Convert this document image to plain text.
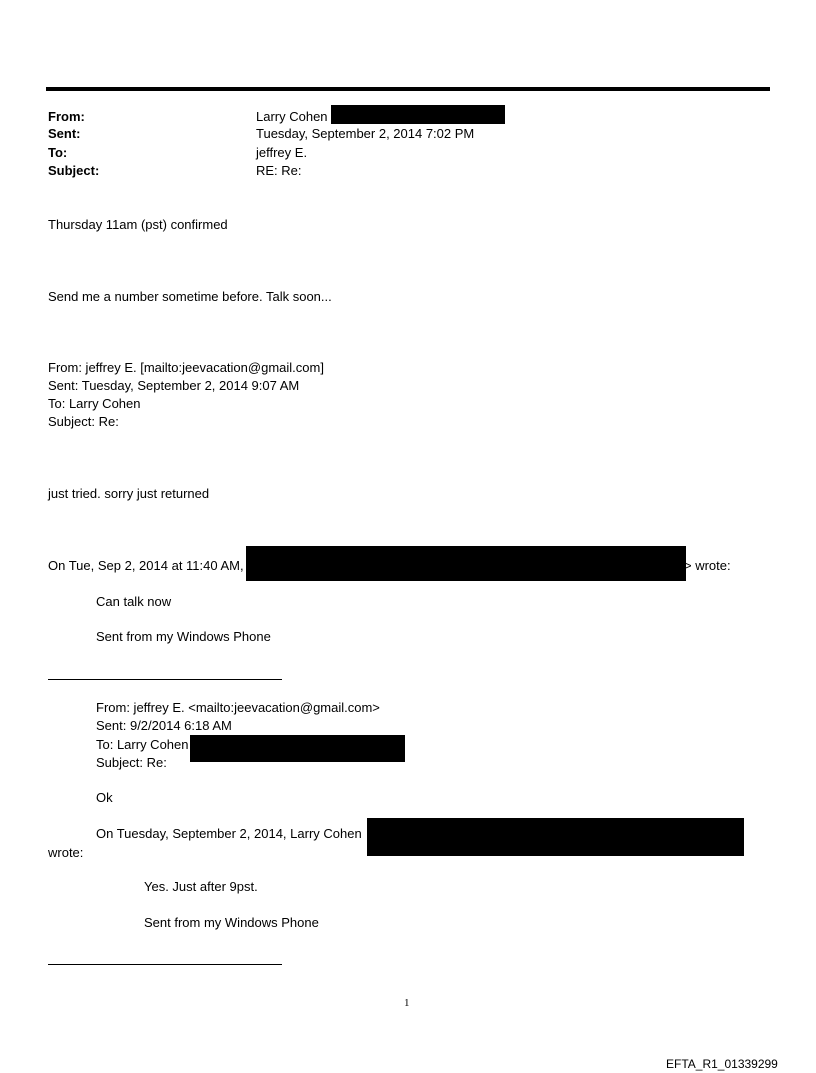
From:	Larry Cohen
Sent:	Tuesday, September 2, 2014 7:02 PM
To:	jeffrey E.
Subject:	RE: Re:
Thursday 11am (pst) confirmed
Send me a number sometime before. Talk soon...
From: jeffrey E. [mailto:jeevacation@gmail.com]
Sent: Tuesday, September 2, 2014 9:07 AM
To: Larry Cohen
Subject: Re:
just tried. sorry just returned
On Tue, Sep 2, 2014 at 11:40 AM,	> wrote:
Can talk now
Sent from my Windows Phone
From: jeffrey E. <mailto:jeevacation@gmail.com>
Sent: 9/2/2014 6:18 AM
To: Larry Cohen
Subject: Re:
Ok
On Tuesday, September 2, 2014, Larry Cohen
wrote:
Yes. Just after 9pst.
Sent from my Windows Phone
1
EFTA_R1_01339299
